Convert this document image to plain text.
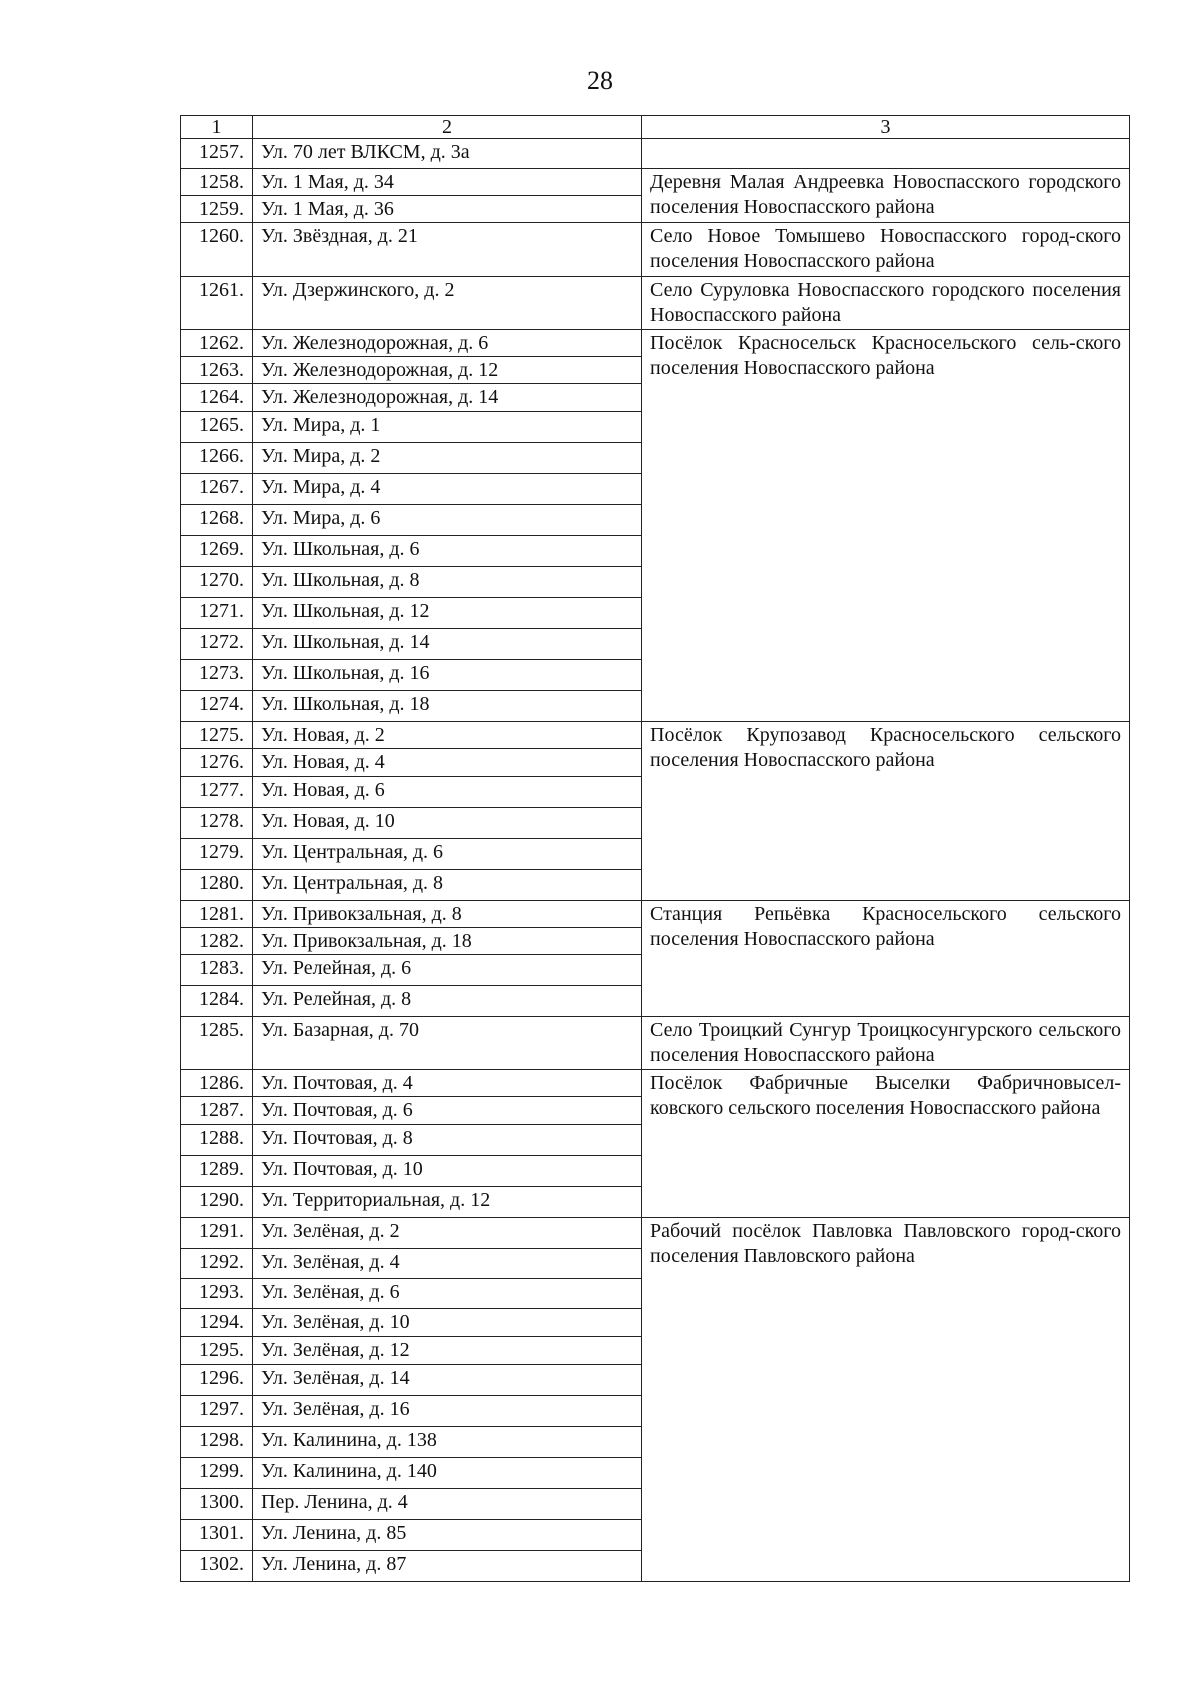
28
1	2	3
1257.	Ул. 70 лет ВЛКСМ, д. 3а	
1258.	Ул. 1 Мая, д. 34	Деревня Малая Андреевка Новоспасского городского поселения Новоспасского района
1259.	Ул. 1 Мая, д. 36	
1260.	Ул. Звёздная, д. 21	Село Новое Томышево Новоспасского город-ского поселения Новоспасского района
1261.	Ул. Дзержинского, д. 2	Село Суруловка Новоспасского городского поселения Новоспасского района
1262.	Ул. Железнодорожная, д. 6	Посёлок Красносельск Красносельского сель-ского поселения Новоспасского района
1263.	Ул. Железнодорожная, д. 12	
1264.	Ул. Железнодорожная, д. 14	
1265.	Ул. Мира, д. 1	
1266.	Ул. Мира, д. 2	
1267.	Ул. Мира, д. 4	
1268.	Ул. Мира, д. 6	
1269.	Ул. Школьная, д. 6	
1270.	Ул. Школьная, д. 8	
1271.	Ул. Школьная, д. 12	
1272.	Ул. Школьная, д. 14	
1273.	Ул. Школьная, д. 16	
1274.	Ул. Школьная, д. 18	
1275.	Ул. Новая, д. 2	Посёлок Крупозавод Красносельского сельского поселения Новоспасского района
1276.	Ул. Новая, д. 4	
1277.	Ул. Новая, д. 6	
1278.	Ул. Новая, д. 10	
1279.	Ул. Центральная, д. 6	
1280.	Ул. Центральная, д. 8	
1281.	Ул. Привокзальная, д. 8	Станция Репьёвка Красносельского сельского поселения Новоспасского района
1282.	Ул. Привокзальная, д. 18	
1283.	Ул. Релейная, д. 6	
1284.	Ул. Релейная, д. 8	
1285.	Ул. Базарная, д. 70	Село Троицкий Сунгур Троицкосунгурского сельского поселения Новоспасского района
1286.	Ул. Почтовая, д. 4	Посёлок Фабричные Выселки Фабричновысел-ковского сельского поселения Новоспасского района
1287.	Ул. Почтовая, д. 6	
1288.	Ул. Почтовая, д. 8	
1289.	Ул. Почтовая, д. 10	
1290.	Ул. Территориальная, д. 12	
1291.	Ул. Зелёная, д. 2	Рабочий посёлок Павловка Павловского город-ского поселения Павловского района
1292.	Ул. Зелёная, д. 4	
1293.	Ул. Зелёная, д. 6	
1294.	Ул. Зелёная, д. 10	
1295.	Ул. Зелёная, д. 12	
1296.	Ул. Зелёная, д. 14	
1297.	Ул. Зелёная, д. 16	
1298.	Ул. Калинина, д. 138	
1299.	Ул. Калинина, д. 140	
1300.	Пер. Ленина, д. 4	
1301.	Ул. Ленина, д. 85	
1302.	Ул. Ленина, д. 87	
